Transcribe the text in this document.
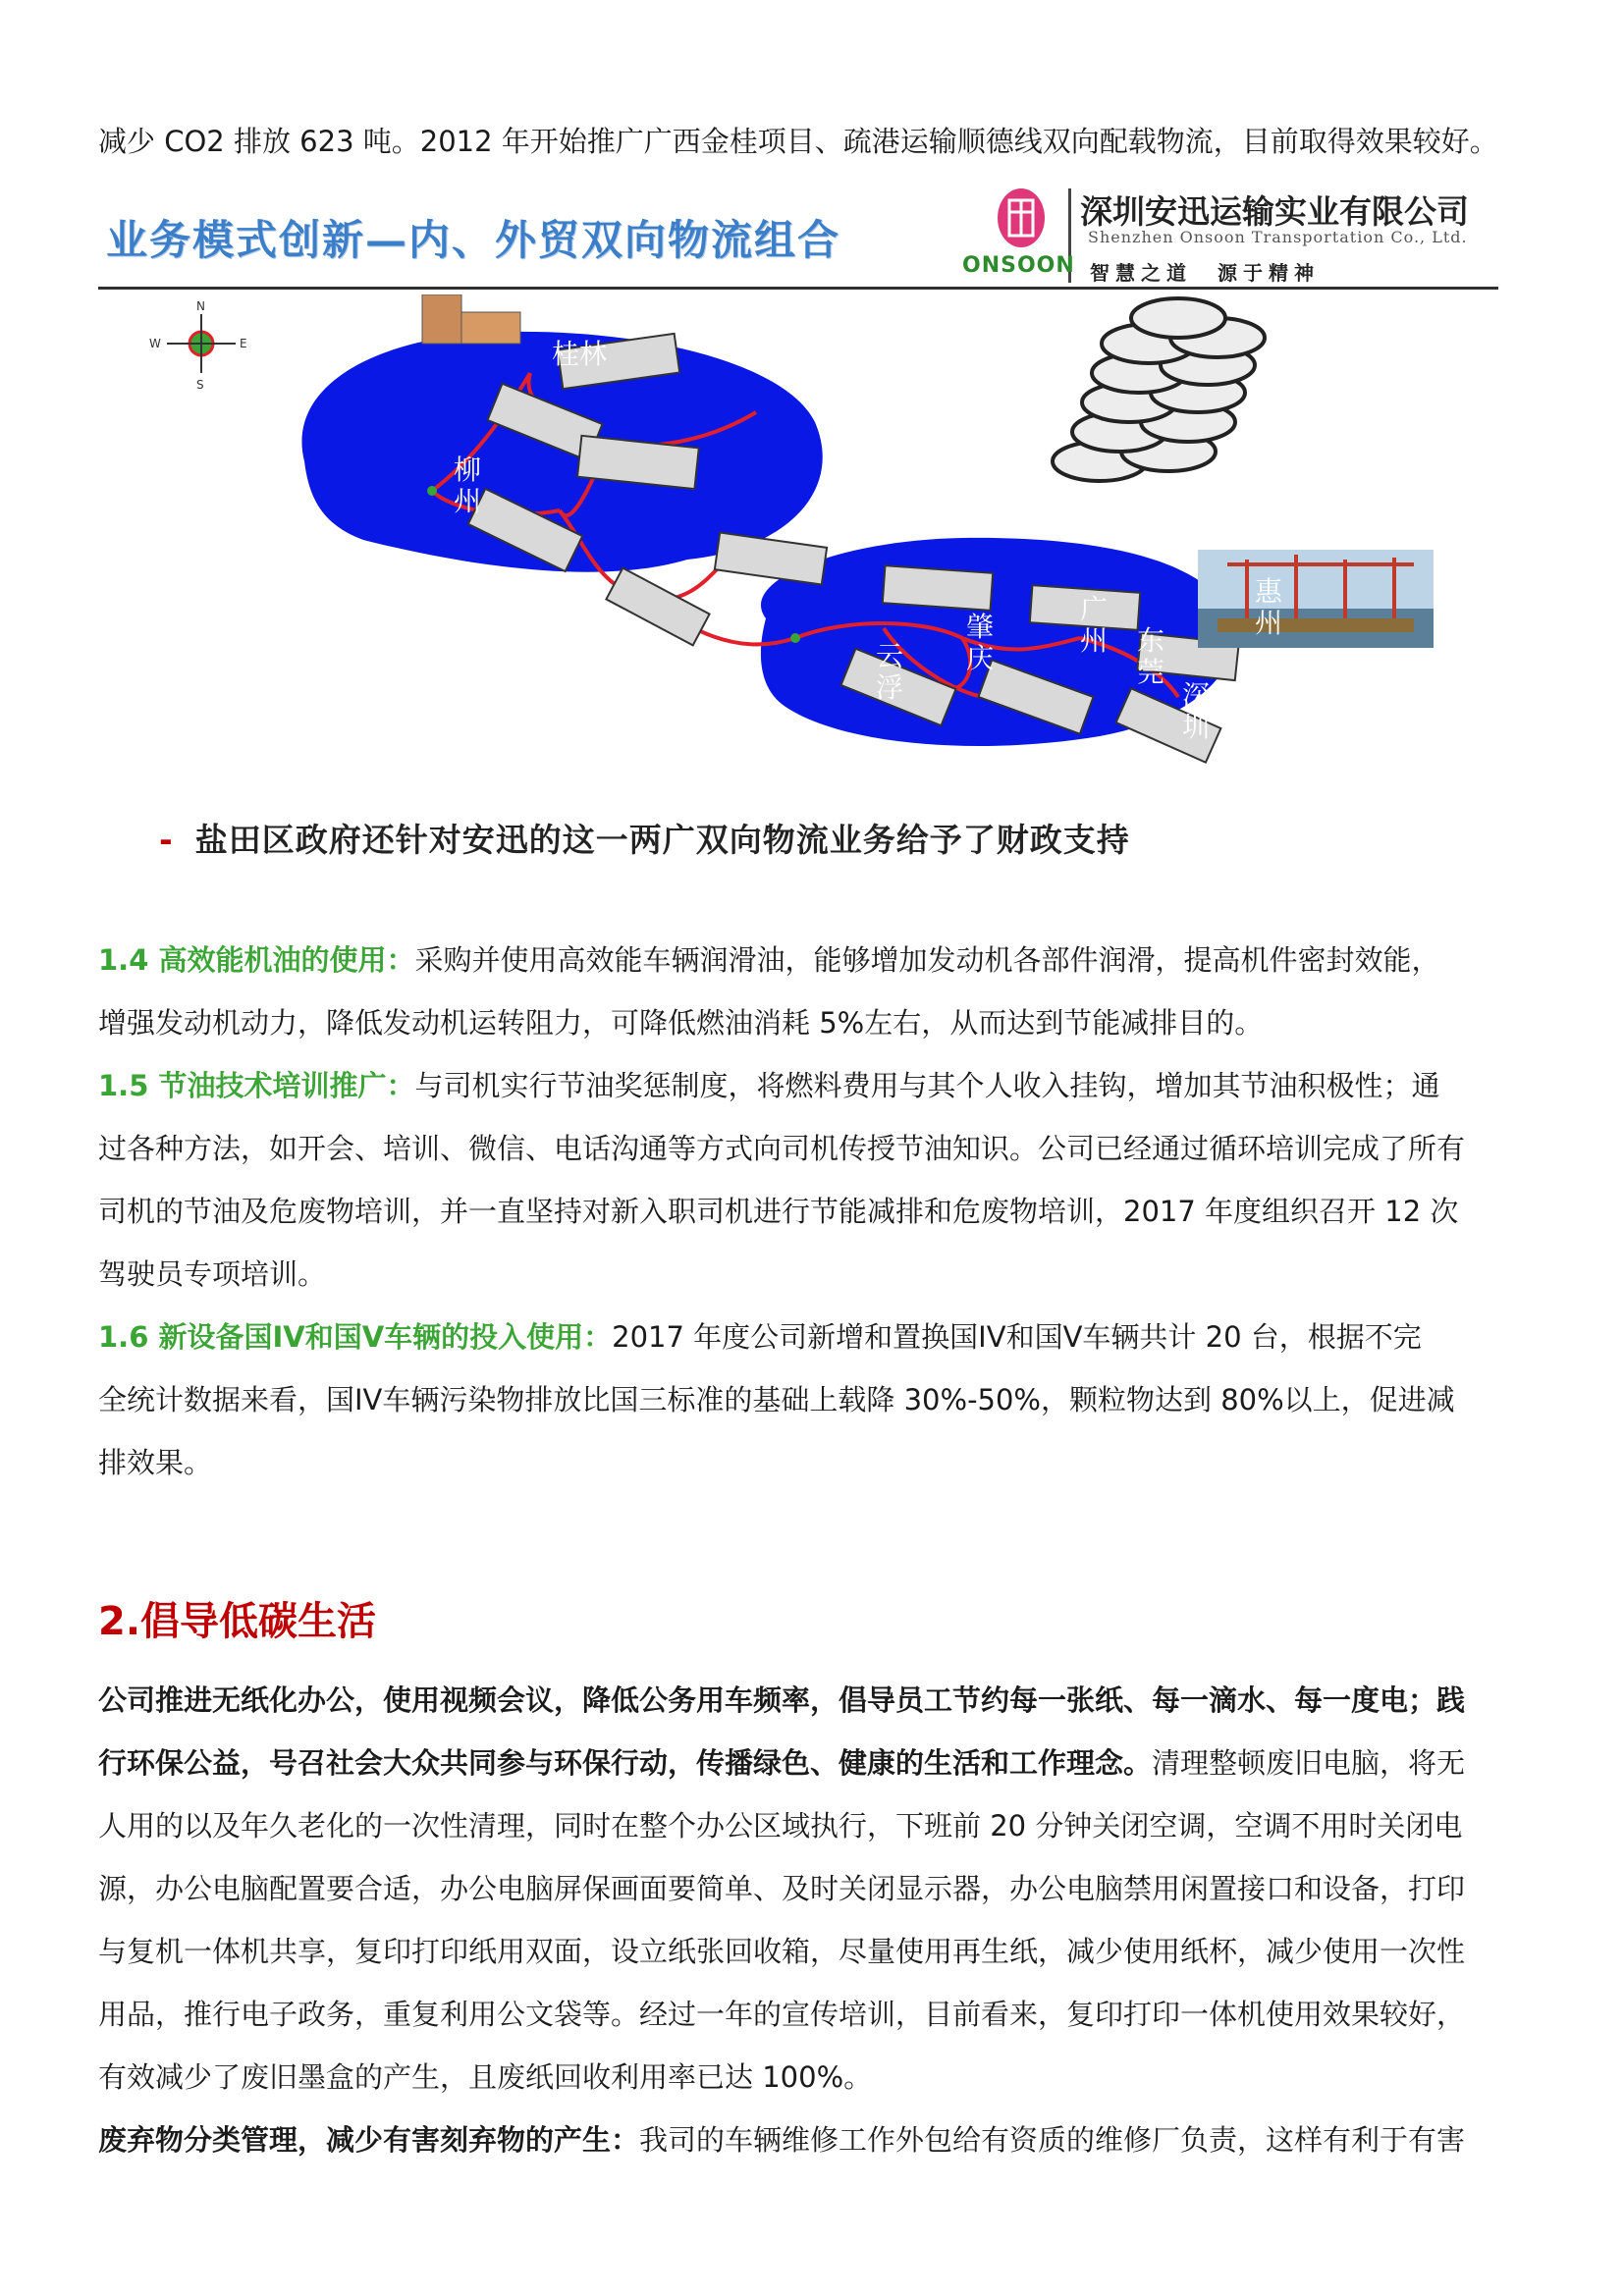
减少 CO2 排放 623 吨。2012 年开始推广广西金桂项目、疏港运输顺德线双向配载物流，目前取得效果较好。

业务模式创新—内、外贸双向物流组合
深圳安迅运输实业有限公司
Shenzhen Onsoon Transportation Co., Ltd.
ONSOON 智慧之道　源于精神
N
S
E
W	桂林	贺州
柳州
云浮
肇庆
广州 东莞
惠州
深圳
- 盐田区政府还针对安迅的这一两广双向物流业务给予了财政支持

1.4 高效能机油的使用：采购并使用高效能车辆润滑油，能够增加发动机各部件润滑，提高机件密封效能，

增强发动机动力，降低发动机运转阻力，可降低燃油消耗 5%左右，从而达到节能减排目的。

1.5 节油技术培训推广：与司机实行节油奖惩制度，将燃料费用与其个人收入挂钩，增加其节油积极性；通

过各种方法，如开会、培训、微信、电话沟通等方式向司机传授节油知识。公司已经通过循环培训完成了所有

司机的节油及危废物培训，并一直坚持对新入职司机进行节能减排和危废物培训，2017 年度组织召开 12 次

驾驶员专项培训。

1.6 新设备国IV和国V车辆的投入使用：2017 年度公司新增和置换国IV和国Ⅴ车辆共计 20 台，根据不完

全统计数据来看，国IV车辆污染物排放比国三标准的基础上载降 30%-50%，颗粒物达到 80%以上，促进减

排效果。

2.倡导低碳生活

公司推进无纸化办公，使用视频会议，降低公务用车频率，倡导员工节约每一张纸、每一滴水、每一度电；践

行环保公益，号召社会大众共同参与环保行动，传播绿色、健康的生活和工作理念。清理整顿废旧电脑，将无

人用的以及年久老化的一次性清理，同时在整个办公区域执行，下班前 20 分钟关闭空调，空调不用时关闭电

源，办公电脑配置要合适，办公电脑屏保画面要简单、及时关闭显示器，办公电脑禁用闲置接口和设备，打印

与复机一体机共享，复印打印纸用双面，设立纸张回收箱，尽量使用再生纸，减少使用纸杯，减少使用一次性

用品，推行电子政务，重复利用公文袋等。经过一年的宣传培训，目前看来，复印打印一体机使用效果较好，

有效减少了废旧墨盒的产生，且废纸回收利用率已达 100%。

废弃物分类管理，减少有害刻弃物的产生：我司的车辆维修工作外包给有资质的维修厂负责，这样有利于有害
